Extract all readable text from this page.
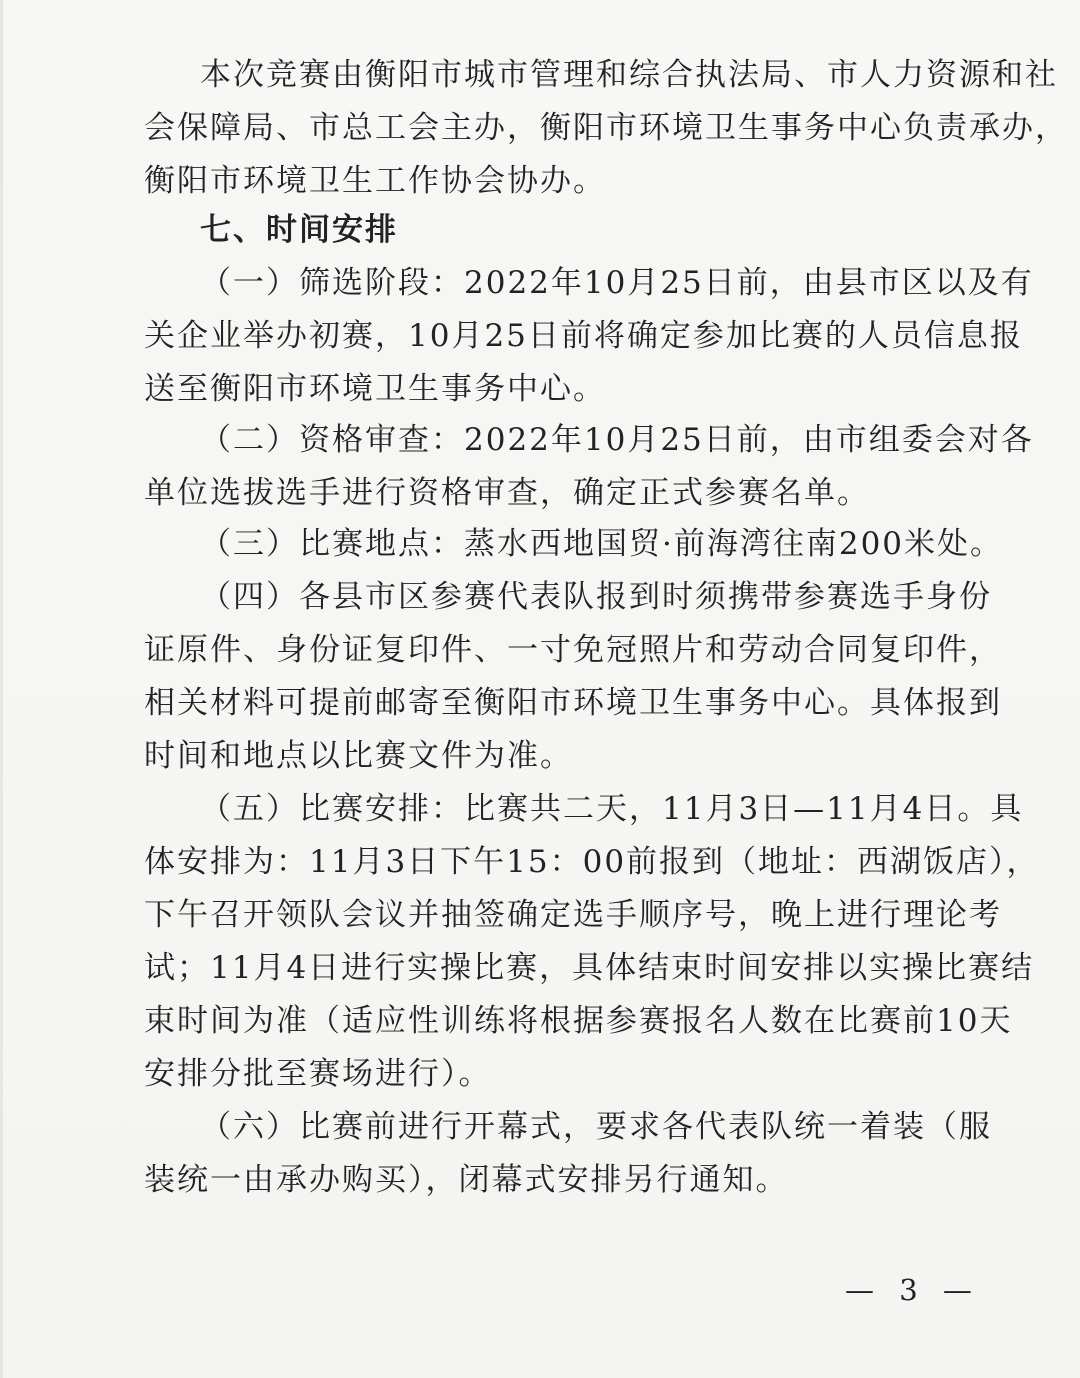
本次竞赛由衡阳市城市管理和综合执法局、市人力资源和社
会保障局、市总工会主办，衡阳市环境卫生事务中心负责承办，
衡阳市环境卫生工作协会协办。
七、时间安排
（一）筛选阶段：2022年10月25日前，由县市区以及有
关企业举办初赛，10月25日前将确定参加比赛的人员信息报
送至衡阳市环境卫生事务中心。
（二）资格审查：2022年10月25日前，由市组委会对各
单位选拔选手进行资格审查，确定正式参赛名单。
（三）比赛地点：蒸水西地国贸·前海湾往南200米处。
（四）各县市区参赛代表队报到时须携带参赛选手身份
证原件、身份证复印件、一寸免冠照片和劳动合同复印件，
相关材料可提前邮寄至衡阳市环境卫生事务中心。具体报到
时间和地点以比赛文件为准。
（五）比赛安排：比赛共二天，11月3日—11月4日。具
体安排为：11月3日下午15：00前报到（地址：西湖饭店），
下午召开领队会议并抽签确定选手顺序号，晚上进行理论考
试；11月4日进行实操比赛，具体结束时间安排以实操比赛结
束时间为准（适应性训练将根据参赛报名人数在比赛前10天
安排分批至赛场进行）。
（六）比赛前进行开幕式，要求各代表队统一着装（服
装统一由承办购买），闭幕式安排另行通知。
— 3 —
